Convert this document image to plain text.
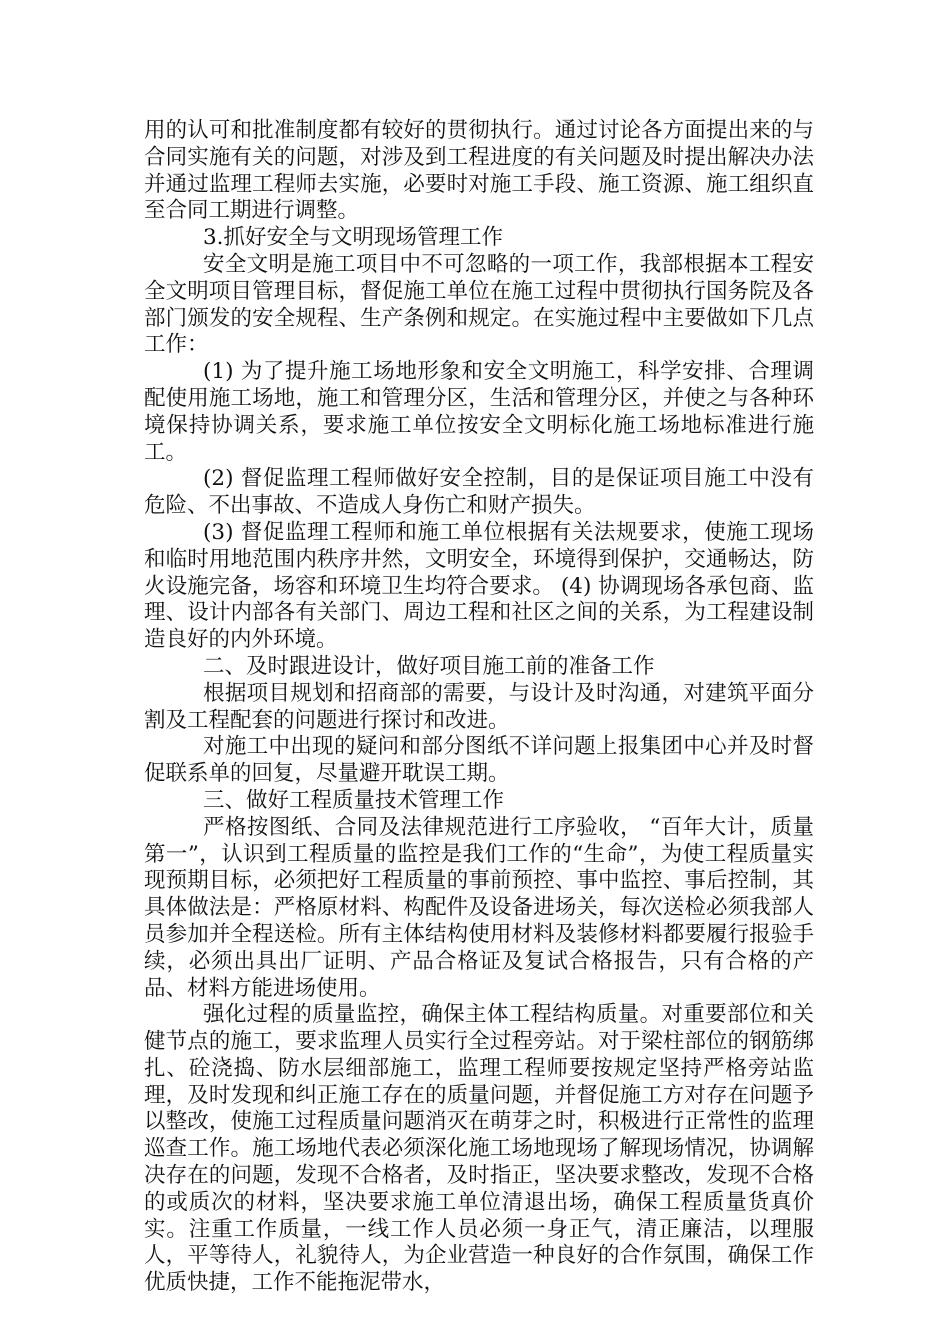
用的认可和批准制度都有较好的贯彻执行。通过讨论各方面提出来的与合同实施有关的问题，对涉及到工程进度的有关问题及时提出解决办法并通过监理工程师去实施，必要时对施工手段、施工资源、施工组织直至合同工期进行调整。

3.抓好安全与文明现场管理工作

安全文明是施工项目中不可忽略的一项工作，我部根据本工程安全文明项目管理目标，督促施工单位在施工过程中贯彻执行国务院及各部门颁发的安全规程、生产条例和规定。在实施过程中主要做如下几点工作：

(1) 为了提升施工场地形象和安全文明施工，科学安排、合理调配使用施工场地，施工和管理分区，生活和管理分区，并使之与各种环境保持协调关系，要求施工单位按安全文明标化施工场地标准进行施工。

(2) 督促监理工程师做好安全控制，目的是保证项目施工中没有危险、不出事故、不造成人身伤亡和财产损失。

(3) 督促监理工程师和施工单位根据有关法规要求，使施工现场和临时用地范围内秩序井然，文明安全，环境得到保护，交通畅达，防火设施完备，场容和环境卫生均符合要求。 (4) 协调现场各承包商、监理、设计内部各有关部门、周边工程和社区之间的关系，为工程建设制造良好的内外环境。

二、及时跟进设计，做好项目施工前的准备工作

根据项目规划和招商部的需要，与设计及时沟通，对建筑平面分割及工程配套的问题进行探讨和改进。

对施工中出现的疑问和部分图纸不详问题上报集团中心并及时督促联系单的回复，尽量避开耽误工期。

三、做好工程质量技术管理工作

严格按图纸、合同及法律规范进行工序验收， “百年大计，质量第一”，认识到工程质量的监控是我们工作的“生命”，为使工程质量实现预期目标，必须把好工程质量的事前预控、事中监控、事后控制，其具体做法是：严格原材料、构配件及设备进场关，每次送检必须我部人员参加并全程送检。所有主体结构使用材料及装修材料都要履行报验手续，必须出具出厂证明、产品合格证及复试合格报告，只有合格的产品、材料方能进场使用。

强化过程的质量监控，确保主体工程结构质量。对重要部位和关健节点的施工，要求监理人员实行全过程旁站。对于梁柱部位的钢筋绑扎、砼浇捣、防水层细部施工，监理工程师要按规定坚持严格旁站监理，及时发现和纠正施工存在的质量问题，并督促施工方对存在问题予以整改，使施工过程质量问题消灭在萌芽之时，积极进行正常性的监理巡查工作。施工场地代表必须深化施工场地现场了解现场情况，协调解决存在的问题，发现不合格者，及时指正，坚决要求整改，发现不合格的或质次的材料，坚决要求施工单位清退出场，确保工程质量货真价实。注重工作质量，一线工作人员必须一身正气，清正廉洁，以理服人，平等待人，礼貌待人，为企业营造一种良好的合作氛围，确保工作优质快捷，工作不能拖泥带水，
